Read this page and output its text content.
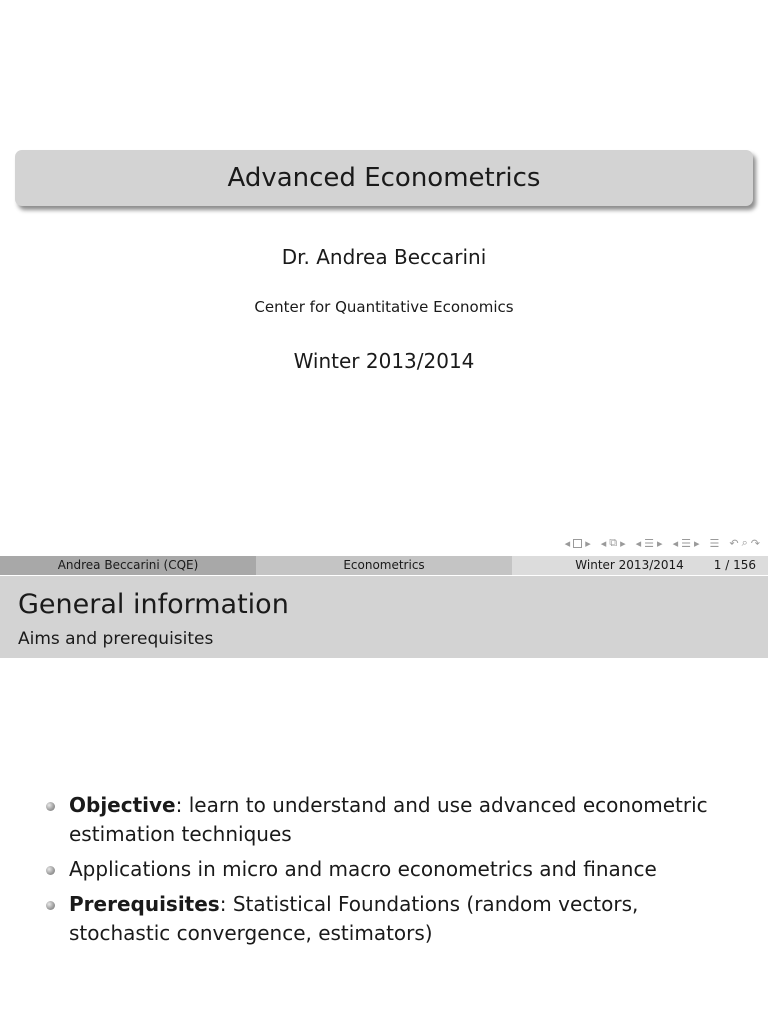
Advanced Econometrics
Dr. Andrea Beccarini
Center for Quantitative Economics
Winter 2013/2014
◂ ▸ ◂ ⧉ ▸ ◂ ☰ ▸ ◂ ☰ ▸ ☰ ↶ ⌕ ↷
Andrea Beccarini (CQE)	Econometrics	Winter 2013/2014	1 / 156
General information
Aims and prerequisites
Objective: learn to understand and use advanced econometric estimation techniques
Applications in micro and macro econometrics and finance
Prerequisites: Statistical Foundations (random vectors, stochastic convergence, estimators)
